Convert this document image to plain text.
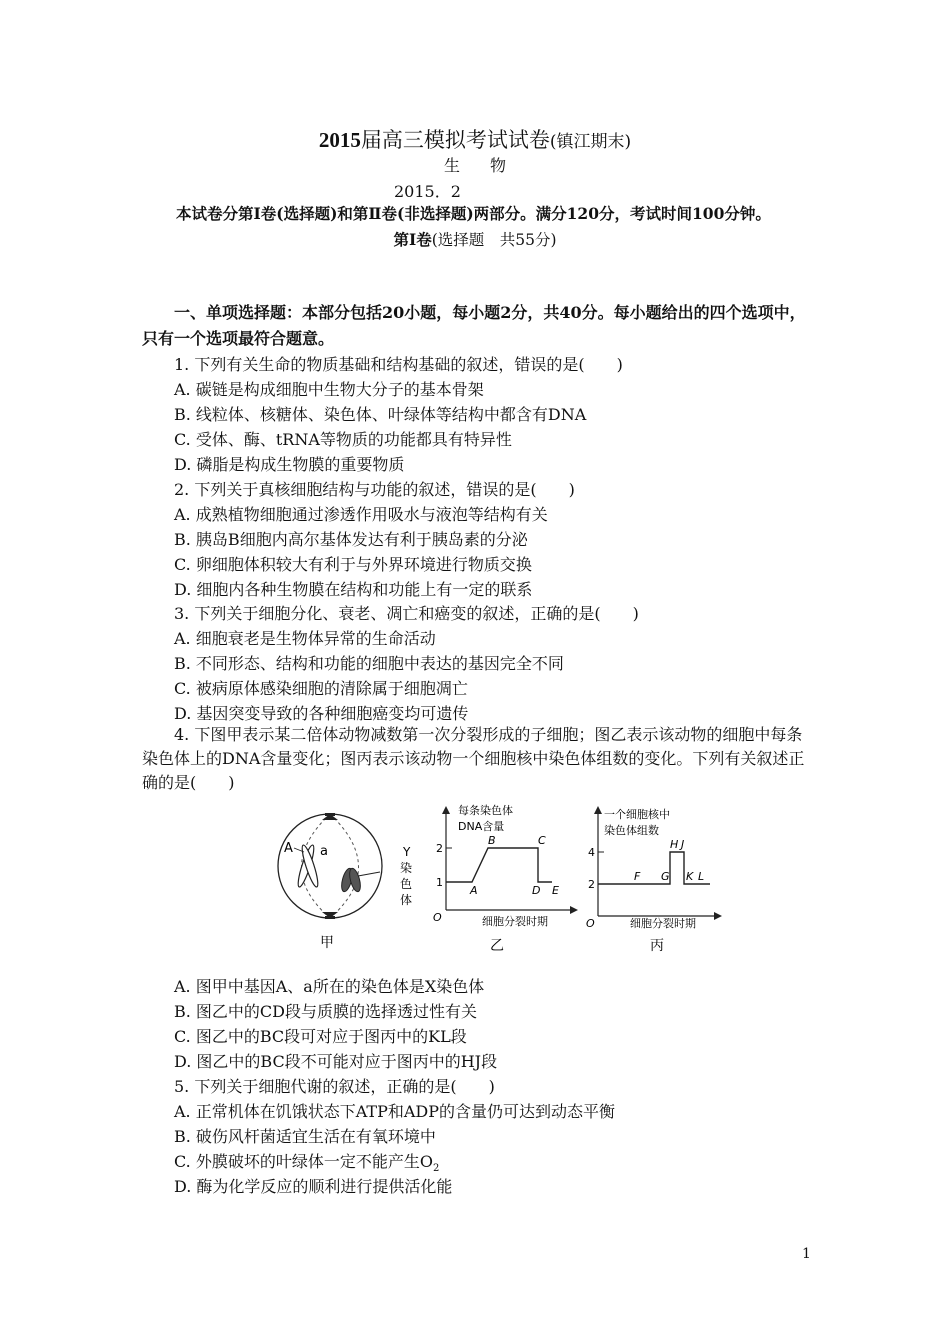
2015届高三模拟考试试卷(镇江期末)
生物
2015．2
本试卷分第Ⅰ卷(选择题)和第Ⅱ卷(非选择题)两部分。满分120分，考试时间100分钟。
第Ⅰ卷(选择题　共55分)
一、单项选择题：本部分包括20小题，每小题2分，共40分。每小题给出的四个选项中，只有一个选项最符合题意。
1. 下列有关生命的物质基础和结构基础的叙述，错误的是(　　)
A. 碳链是构成细胞中生物大分子的基本骨架
B. 线粒体、核糖体、染色体、叶绿体等结构中都含有DNA
C. 受体、酶、tRNA等物质的功能都具有特异性
D. 磷脂是构成生物膜的重要物质
2. 下列关于真核细胞结构与功能的叙述，错误的是(　　)
A. 成熟植物细胞通过渗透作用吸水与液泡等结构有关
B. 胰岛B细胞内高尔基体发达有利于胰岛素的分泌
C. 卵细胞体积较大有利于与外界环境进行物质交换
D. 细胞内各种生物膜在结构和功能上有一定的联系
3. 下列关于细胞分化、衰老、凋亡和癌变的叙述，正确的是(　　)
A. 细胞衰老是生物体异常的生命活动
B. 不同形态、结构和功能的细胞中表达的基因完全不同
C. 被病原体感染细胞的清除属于细胞凋亡
D. 基因突变导致的各种细胞癌变均可遗传
4. 下图甲表示某二倍体动物减数第一次分裂形成的子细胞；图乙表示该动物的细胞中每条染色体上的DNA含量变化；图丙表示该动物一个细胞核中染色体组数的变化。下列有关叙述正确的是(　　)
A a	Y
染
色
体
甲
每条染色体
DNA含量
2
1
O
A
B	C
D E
细胞分裂时期
乙
一个细胞核中
染色体组数
4
2
O
F G
H J
K L
细胞分裂时期
丙
A. 图甲中基因A、a所在的染色体是X染色体
B. 图乙中的CD段与质膜的选择透过性有关
C. 图乙中的BC段可对应于图丙中的KL段
D. 图乙中的BC段不可能对应于图丙中的HJ段
5. 下列关于细胞代谢的叙述，正确的是(　　)
A. 正常机体在饥饿状态下ATP和ADP的含量仍可达到动态平衡
B. 破伤风杆菌适宜生活在有氧环境中
C. 外膜破坏的叶绿体一定不能产生$O_2$
D. 酶为化学反应的顺利进行提供活化能
1
